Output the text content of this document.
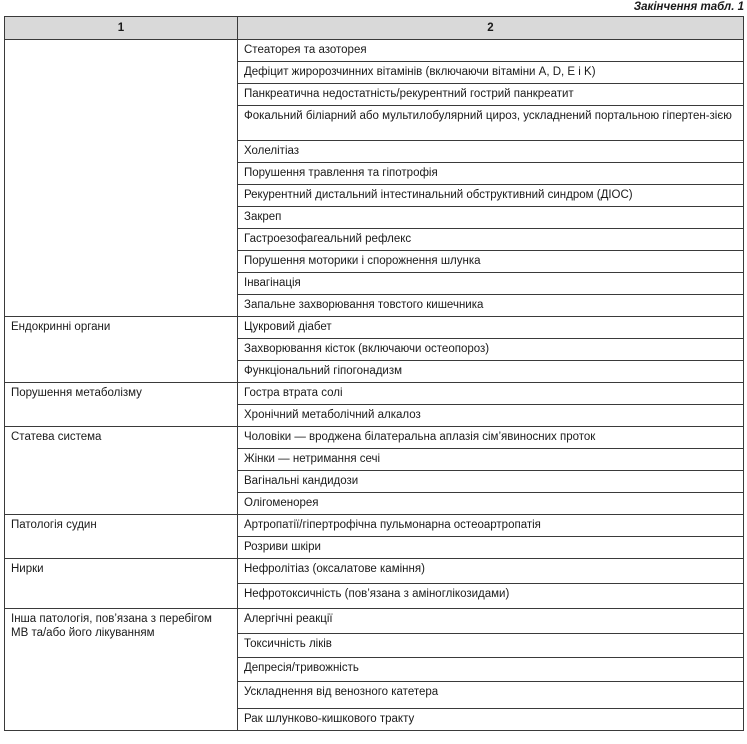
Закінчення табл. 1
1	2
	Стеаторея та азоторея
	Дефіцит жиророзчинних вітамінів (включаючи вітаміни A, D, E і K)
	Панкреатична недостатність/рекурентний гострий панкреатит
	Фокальний біліарний або мультилобулярний цироз, ускладнений портальною гіпертен-зією
	Холелітіаз
	Порушення травлення та гіпотрофія
	Рекурентний дистальний інтестинальний обструктивний синдром (ДІОС)
	Закреп
	Гастроезофагеальний рефлекс
	Порушення моторики і спорожнення шлунка
	Інвагінація
	Запальне захворювання товстого кишечника
Ендокринні органи	Цукровий діабет
	Захворювання кісток (включаючи остеопороз)
	Функціональний гіпогонадизм
Порушення метаболізму	Гостра втрата солі
	Хронічний метаболічний алкалоз
Статева система	Чоловіки — вроджена білатеральна аплазія сім’явиносних проток
	Жінки — нетримання сечі
	Вагінальні кандидози
	Олігоменорея
Патологія судин	Артропатії/гіпертрофічна пульмонарна остеоартропатія
	Розриви шкіри
Нирки	Нефролітіаз (оксалатове каміння)
	Нефротоксичність (пов’язана з аміноглікозидами)
Інша патологія, пов’язана з перебігом МВ та/або його лікуванням	Алергічні реакції
	Токсичність ліків
	Депресія/тривожність
	Ускладнення від венозного катетера
	Рак шлунково-кишкового тракту
